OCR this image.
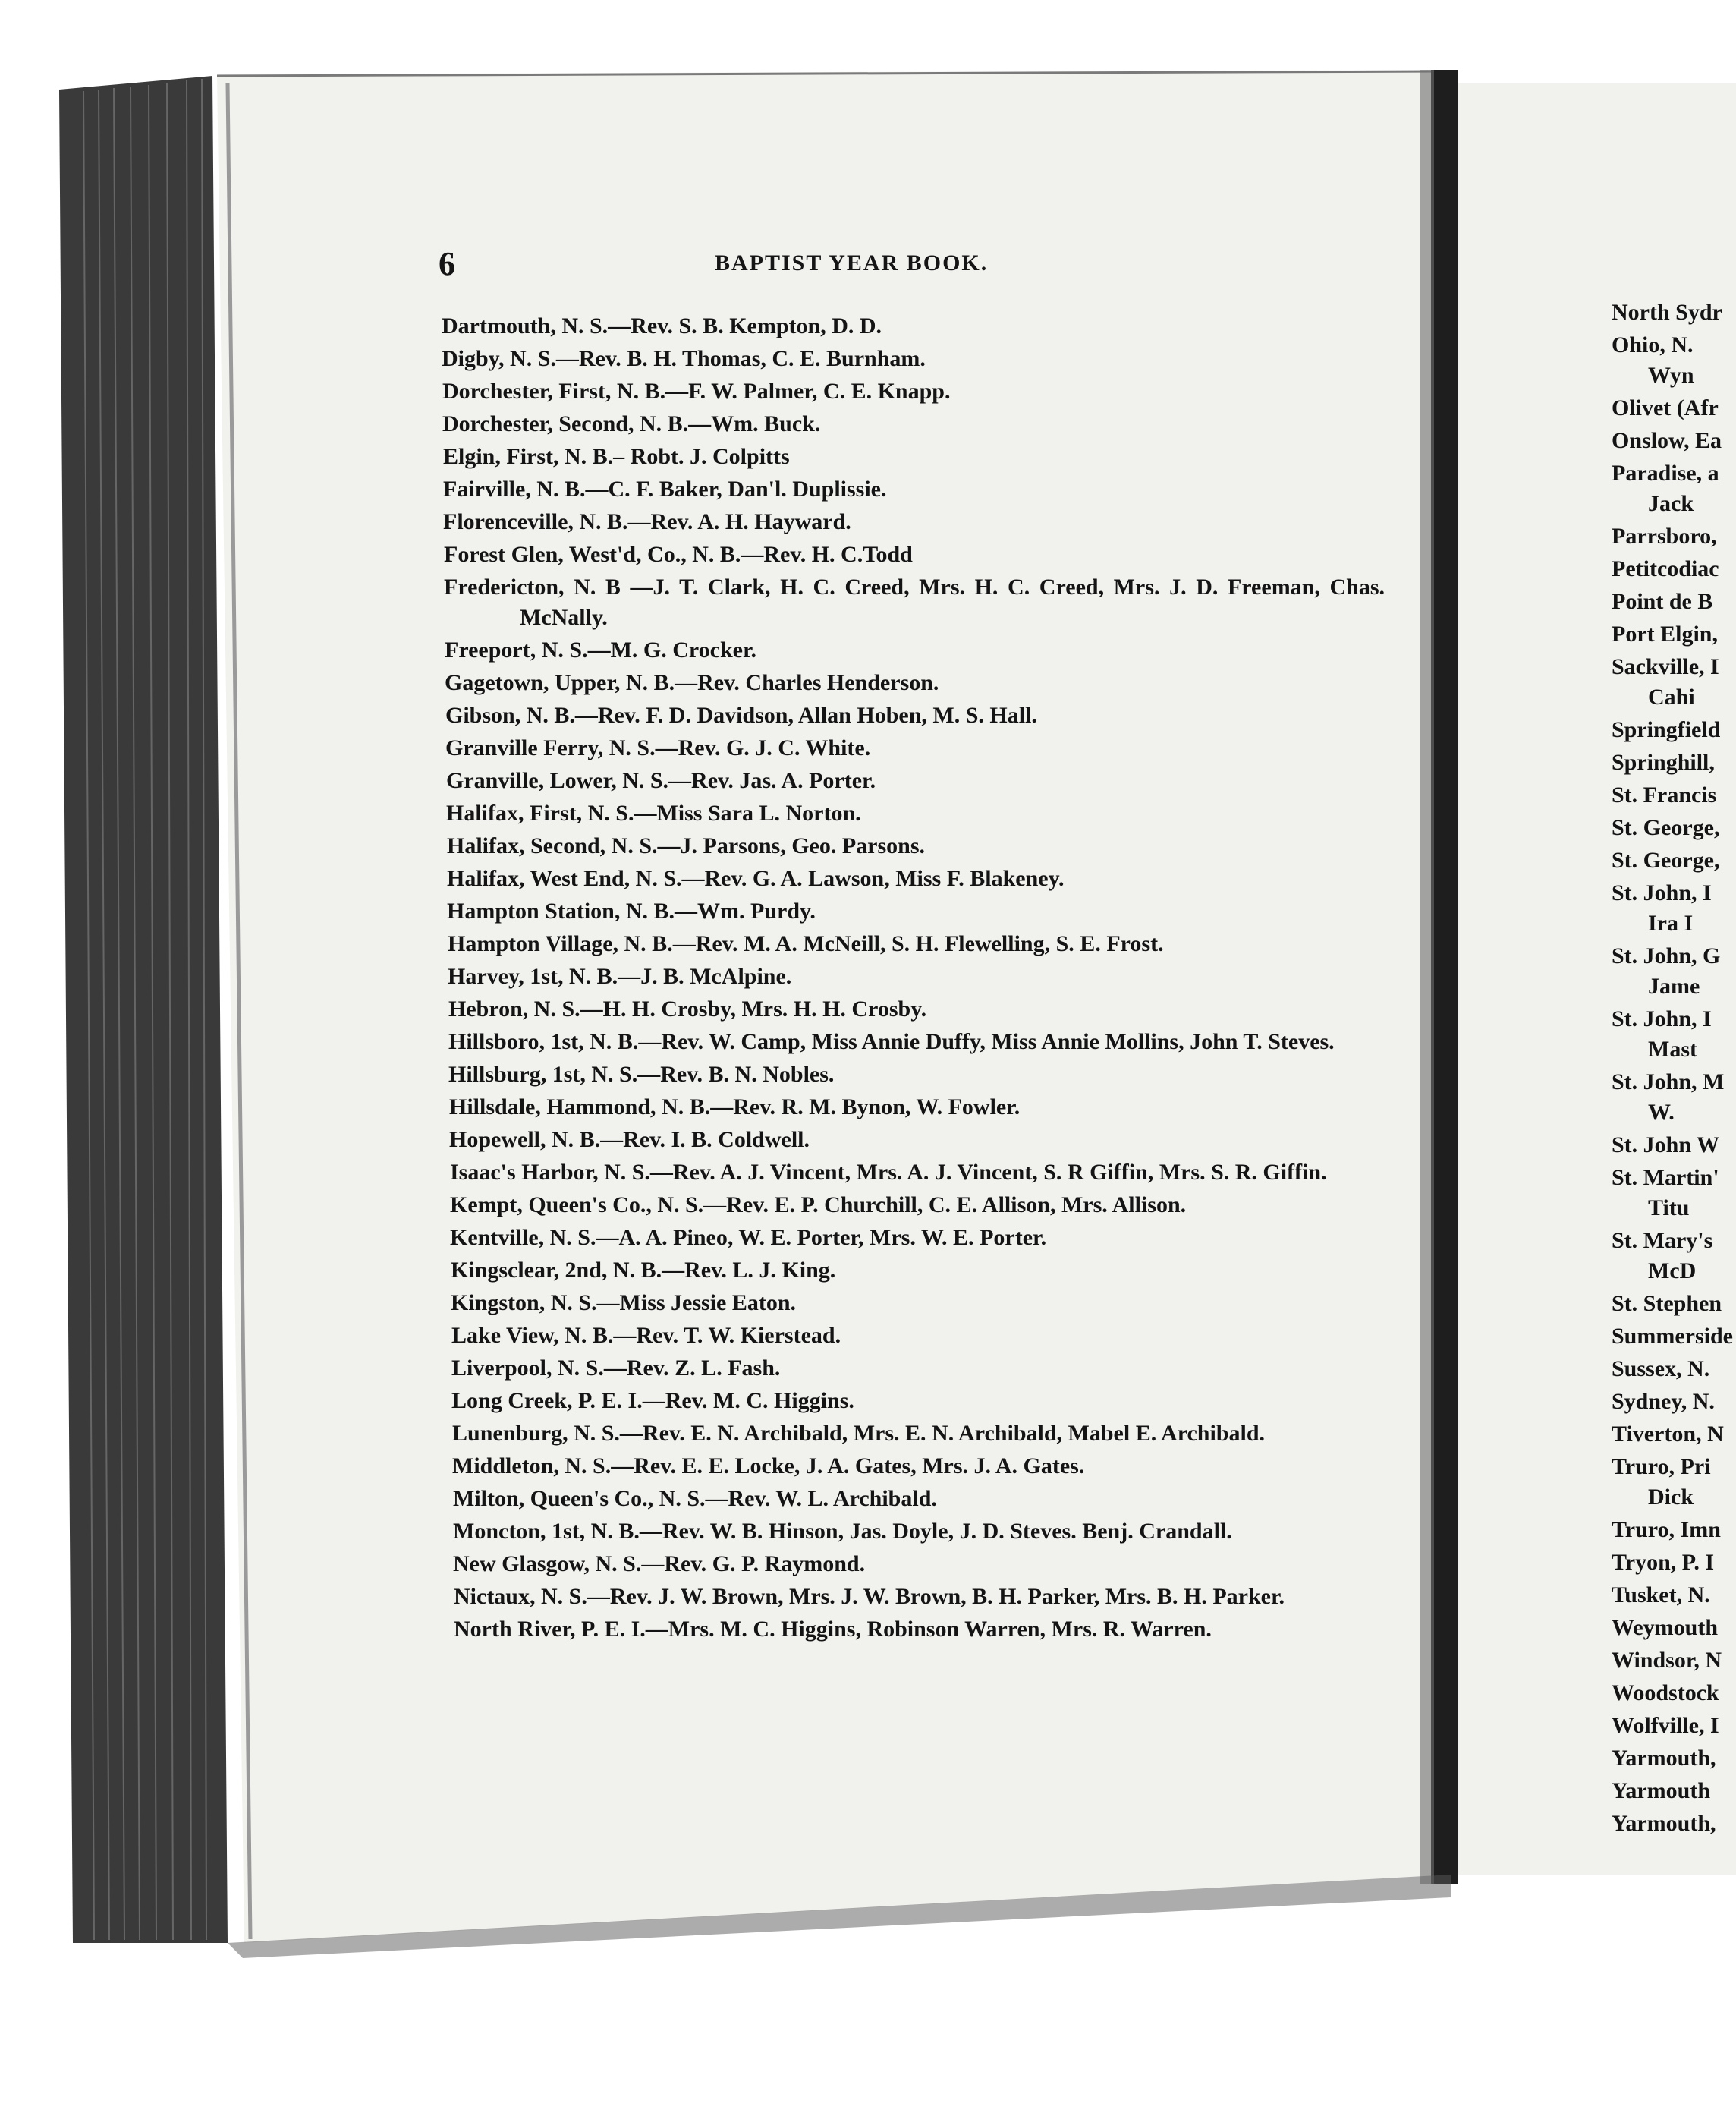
6	BAPTIST YEAR BOOK.
Dartmouth, N. S.—Rev. S. B. Kempton, D. D.
Digby, N. S.—Rev. B. H. Thomas, C. E. Burnham.
Dorchester, First, N. B.—F. W. Palmer, C. E. Knapp.
Dorchester, Second, N. B.—Wm. Buck.
Elgin, First, N. B.– Robt. J. Colpitts
Fairville, N. B.—C. F. Baker, Dan'l. Duplissie.
Florenceville, N. B.—Rev. A. H. Hayward.
Forest Glen, West'd, Co., N. B.—Rev. H. C.Todd
Fredericton, N. B —J. T. Clark, H. C. Creed, Mrs. H. C. Creed, Mrs. J. D. Freeman, Chas. McNally.
Freeport, N. S.—M. G. Crocker.
Gagetown, Upper, N. B.—Rev. Charles Henderson.
Gibson, N. B.—Rev. F. D. Davidson, Allan Hoben, M. S. Hall.
Granville Ferry, N. S.—Rev. G. J. C. White.
Granville, Lower, N. S.—Rev. Jas. A. Porter.
Halifax, First, N. S.—Miss Sara L. Norton.
Halifax, Second, N. S.—J. Parsons, Geo. Parsons.
Halifax, West End, N. S.—Rev. G. A. Lawson, Miss F. Blakeney.
Hampton Station, N. B.—Wm. Purdy.
Hampton Village, N. B.—Rev. M. A. McNeill, S. H. Flewelling, S. E. Frost.
Harvey, 1st, N. B.—J. B. McAlpine.
Hebron, N. S.—H. H. Crosby, Mrs. H. H. Crosby.
Hillsboro, 1st, N. B.—Rev. W. Camp, Miss Annie Duffy, Miss Annie Mollins, John T. Steves.
Hillsburg, 1st, N. S.—Rev. B. N. Nobles.
Hillsdale, Hammond, N. B.—Rev. R. M. Bynon, W. Fowler.
Hopewell, N. B.—Rev. I. B. Coldwell.
Isaac's Harbor, N. S.—Rev. A. J. Vincent, Mrs. A. J. Vincent, S. R Giffin, Mrs. S. R. Giffin.
Kempt, Queen's Co., N. S.—Rev. E. P. Churchill, C. E. Allison, Mrs. Allison.
Kentville, N. S.—A. A. Pineo, W. E. Porter, Mrs. W. E. Porter.
Kingsclear, 2nd, N. B.—Rev. L. J. King.
Kingston, N. S.—Miss Jessie Eaton.
Lake View, N. B.—Rev. T. W. Kierstead.
Liverpool, N. S.—Rev. Z. L. Fash.
Long Creek, P. E. I.—Rev. M. C. Higgins.
Lunenburg, N. S.—Rev. E. N. Archibald, Mrs. E. N. Archibald, Mabel E. Archibald.
Middleton, N. S.—Rev. E. E. Locke, J. A. Gates, Mrs. J. A. Gates.
Milton, Queen's Co., N. S.—Rev. W. L. Archibald.
Moncton, 1st, N. B.—Rev. W. B. Hinson, Jas. Doyle, J. D. Steves. Benj. Crandall.
New Glasgow, N. S.—Rev. G. P. Raymond.
Nictaux, N. S.—Rev. J. W. Brown, Mrs. J. W. Brown, B. H. Parker, Mrs. B. H. Parker.
North River, P. E. I.—Mrs. M. C. Higgins, Robinson Warren, Mrs. R. Warren.
North Sydr
Ohio, N.
Wyn
Olivet (Afr
Onslow, Ea
Paradise, a
Jack
Parrsboro,
Petitcodiac
Point de B
Port Elgin,
Sackville, I
Cahi
Springfield
Springhill,
St. Francis
St. George,
St. George,
St. John, I
Ira I
St. John, G
Jame
St. John, I
Mast
St. John, M
W.
St. John W
St. Martin'
Titu
St. Mary's
McD
St. Stephen
Summerside
Sussex, N.
Sydney, N.
Tiverton, N
Truro, Pri
Dick
Truro, Imn
Tryon, P. I
Tusket, N.
Weymouth
Windsor, N
Woodstock
Wolfville, I
Yarmouth,
Yarmouth
Yarmouth,
